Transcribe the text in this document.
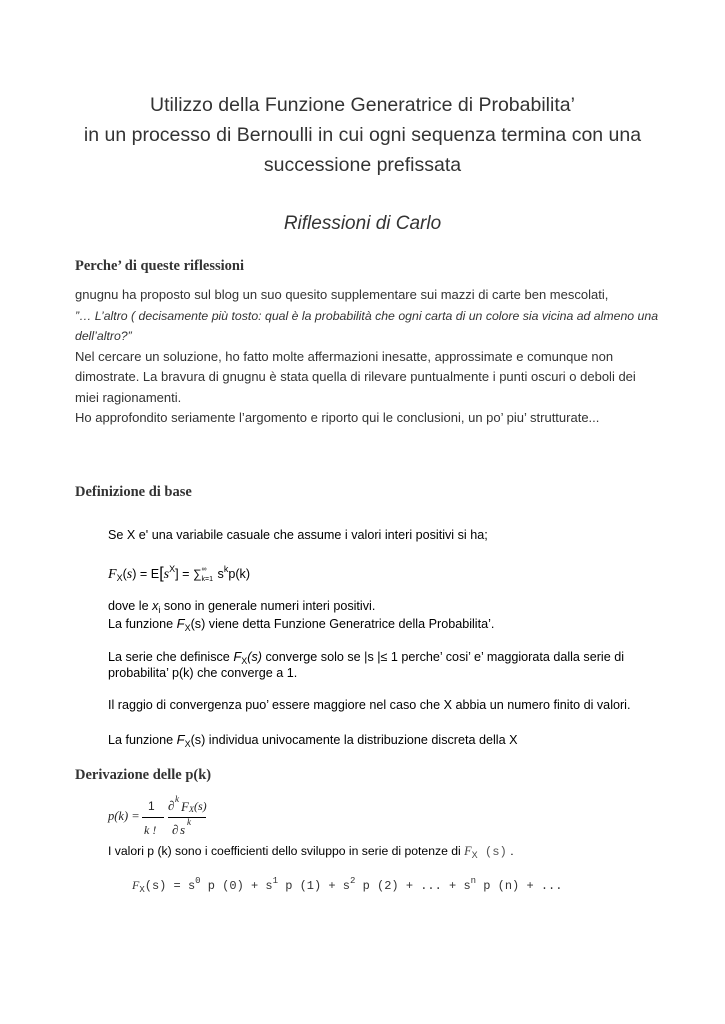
Utilizzo della Funzione Generatrice di Probabilita’
in un processo di Bernoulli in cui ogni sequenza termina con una
successione prefissata
Riflessioni di Carlo
Perche’ di queste riflessioni

gnugnu ha proposto sul blog un suo quesito supplementare sui mazzi di carte ben mescolati,

”… L’altro ( decisamente più tosto: qual è la probabilità che ogni carta di un colore sia vicina ad almeno una

dell’altro?”

Nel cercare un soluzione, ho fatto molte affermazioni inesatte, approssimate e comunque non

dimostrate. La bravura di gnugnu è stata quella di rilevare puntualmente i punti oscuri o deboli dei

miei ragionamenti.

Ho approfondito seriamente l’argomento e riporto qui le conclusioni, un po’ piu’ strutturate...

Definizione di base
Se X e' una variabile casuale che assume i valori interi positivi si ha;
$F_X(s) = E[s^X]$ = ∑ ∞
k=1 $s^kp(k)$
dove le $x_i$ sono in generale numeri interi positivi.
La funzione $F_X(s)$ viene detta Funzione Generatrice della Probabilita’.
La serie che definisce $F_X(s)$ converge solo se |s |≤ 1 perche’ cosi’ e’ maggiorata dalla serie di
probabilita’ p(k) che converge a 1.
Il raggio di convergenza puo’ essere maggiore nel caso che X abbia un numero finito di valori.
La funzione $F_X(s)$ individua univocamente la distribuzione discreta della X
Derivazione delle p(k)
p(k) =
1
k !
∂ k F X (s)
∂ s k
I valori p (k) sono i coefficienti dello sviluppo in serie di potenze di $F_X$ (s) .
$F_X(s) = s^0$ p $(0) + s^1$ p $(1) + s^2$ p (2) + ... + $s^n$ p (n) + ...
